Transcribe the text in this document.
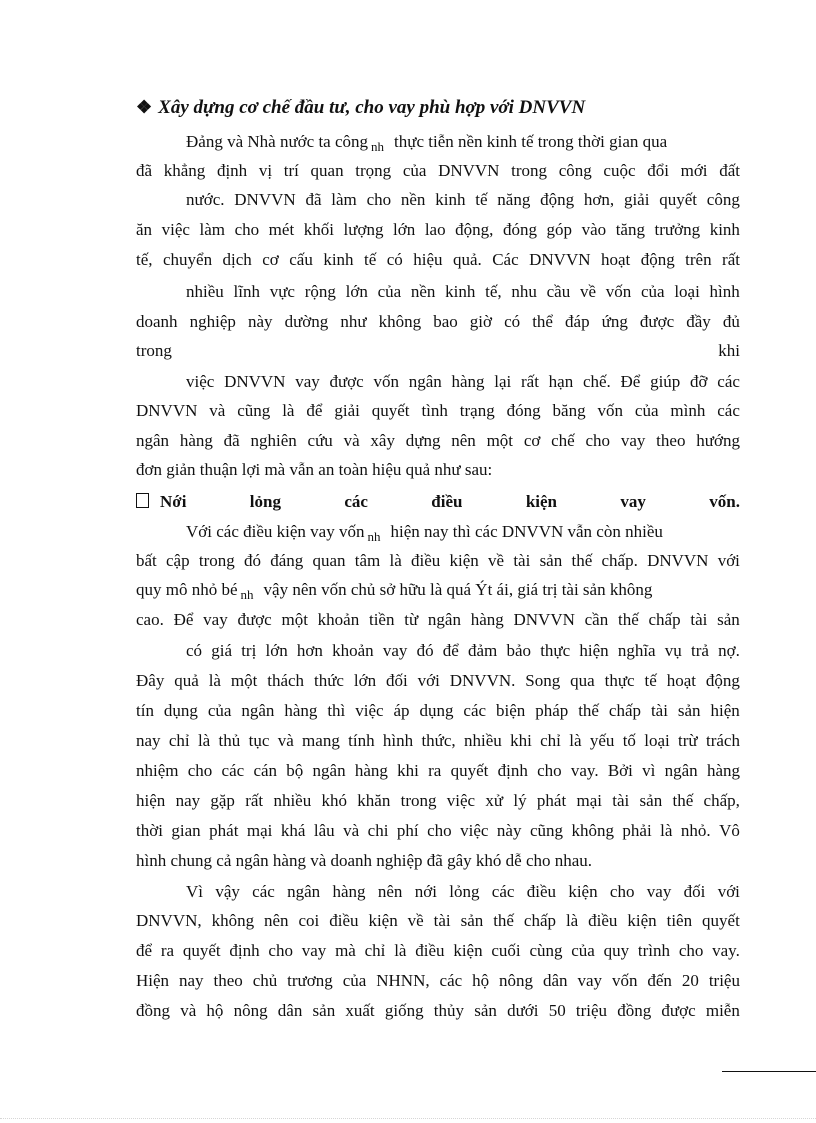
❖ Xây dựng cơ chế đầu tư, cho vay phù hợp với DNVVN
Đảng và Nhà nước ta công $_{nh}$ thực tiễn nền kinh tế trong thời gian qua
đã khẳng định vị trí quan trọng của DNVVN trong công cuộc đổi mới đất
nước. DNVVN đã làm cho nền kinh tế năng động hơn, giải quyết công
ăn việc làm cho mét khối lượng lớn lao động, đóng góp vào tăng trưởng kinh
tế, chuyển dịch cơ cấu kinh tế có hiệu quả. Các DNVVN hoạt động trên rất
nhiều lĩnh vực rộng lớn của nền kinh tế, nhu cầu về vốn của loại hình
doanh nghiệp này dường như không bao giờ có thể đáp ứng được đầy đủ
trong	khi
việc DNVVN vay được vốn ngân hàng lại rất hạn chế. Để giúp đỡ các
DNVVN và cũng là để giải quyết tình trạng đóng băng vốn của mình các
ngân hàng đã nghiên cứu và xây dựng nên một cơ chế cho vay theo hướng
đơn giản thuận lợi mà vẫn an toàn hiệu quả như sau:
Nới	lỏng	các	điều	kiện	vay	vốn.
Với các điều kiện vay vốn $_{nh}$ hiện nay thì các DNVVN vẫn còn nhiều
bất cập trong đó đáng quan tâm là điều kiện về tài sản thế chấp. DNVVN với
quy mô nhỏ bé $_{nh}$ vậy nên vốn chủ sở hữu là quá Ýt ái, giá trị tài sản không
cao. Để vay được một khoản tiền từ ngân hàng DNVVN cần thế chấp tài sản
có giá trị lớn hơn khoản vay đó để đảm bảo thực hiện nghĩa vụ trả nợ.
Đây quả là một thách thức lớn đối với DNVVN. Song qua thực tế hoạt động
tín dụng của ngân hàng thì việc áp dụng các biện pháp thế chấp tài sản hiện
nay chỉ là thủ tục và mang tính hình thức, nhiều khi chỉ là yếu tố loại trừ trách
nhiệm cho các cán bộ ngân hàng khi ra quyết định cho vay. Bởi vì ngân hàng
hiện nay gặp rất nhiều khó khăn trong việc xử lý phát mại tài sản thế chấp,
thời gian phát mại khá lâu và chi phí cho việc này cũng không phải là nhỏ. Vô
hình chung cả ngân hàng và doanh nghiệp đã gây khó dễ cho nhau.
Vì vậy các ngân hàng nên nới lỏng các điều kiện cho vay đối với
DNVVN, không nên coi điều kiện về tài sản thế chấp là điều kiện tiên quyết
để ra quyết định cho vay mà chỉ là điều kiện cuối cùng của quy trình cho vay.
Hiện nay theo chủ trương của NHNN, các hộ nông dân vay vốn đến 20 triệu
đồng và hộ nông dân sản xuất giống thủy sản dưới 50 triệu đồng được miễn
